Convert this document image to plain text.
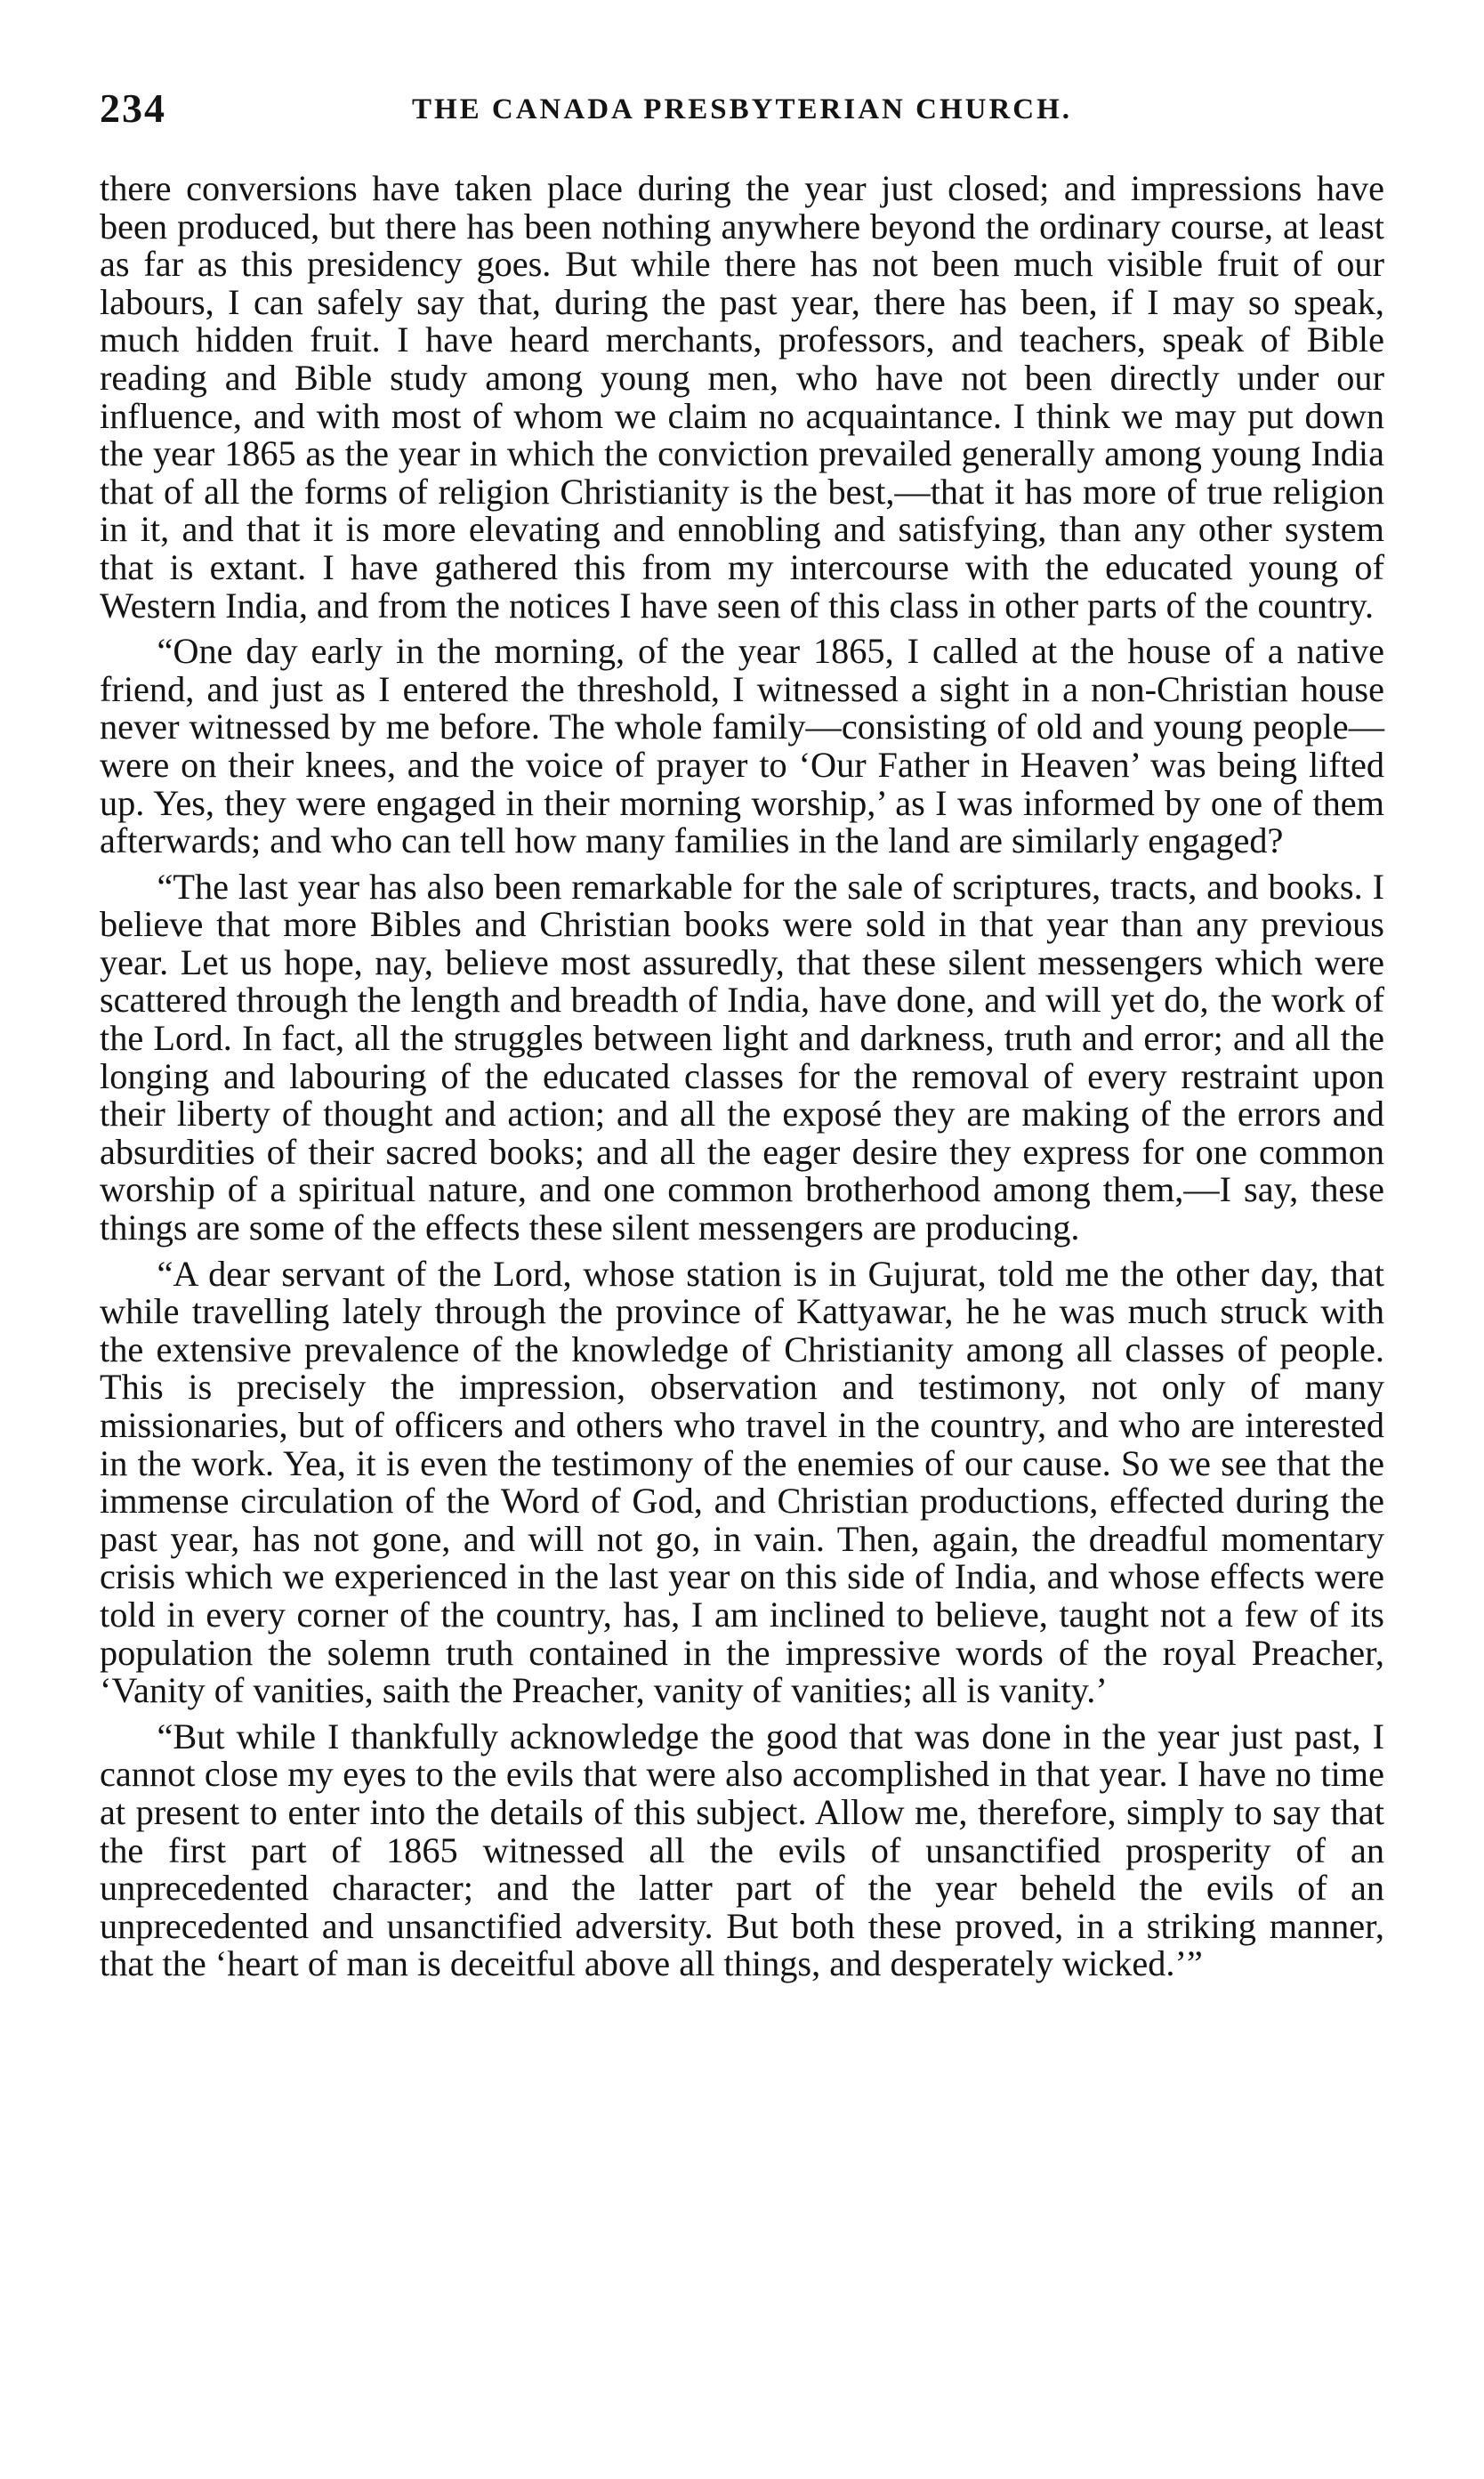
234	THE CANADA PRESBYTERIAN CHURCH.

there conversions have taken place during the year just closed; and impressions have been produced, but there has been nothing anywhere beyond the ordinary course, at least as far as this presidency goes. But while there has not been much visible fruit of our labours, I can safely say that, during the past year, there has been, if I may so speak, much hidden fruit. I have heard merchants, professors, and teachers, speak of Bible reading and Bible study among young men, who have not been directly under our influence, and with most of whom we claim no acquaintance. I think we may put down the year 1865 as the year in which the conviction prevailed generally among young India that of all the forms of religion Christianity is the best,—that it has more of true religion in it, and that it is more elevating and ennobling and satisfying, than any other system that is extant. I have gathered this from my intercourse with the educated young of Western India, and from the notices I have seen of this class in other parts of the country.

“One day early in the morning, of the year 1865, I called at the house of a native friend, and just as I entered the threshold, I witnessed a sight in a non-Christian house never witnessed by me before. The whole family—consisting of old and young people—were on their knees, and the voice of prayer to ‘Our Father in Heaven’ was being lifted up. Yes, they were engaged in their morning worship,’ as I was informed by one of them afterwards; and who can tell how many families in the land are similarly engaged?

“The last year has also been remarkable for the sale of scriptures, tracts, and books. I believe that more Bibles and Christian books were sold in that year than any previous year. Let us hope, nay, believe most assuredly, that these silent messengers which were scattered through the length and breadth of India, have done, and will yet do, the work of the Lord. In fact, all the struggles between light and darkness, truth and error; and all the longing and labouring of the educated classes for the removal of every restraint upon their liberty of thought and action; and all the exposé they are making of the errors and absurdities of their sacred books; and all the eager desire they express for one common worship of a spiritual nature, and one common brotherhood among them,—I say, these things are some of the effects these silent messengers are producing.

“A dear servant of the Lord, whose station is in Gujurat, told me the other day, that while travelling lately through the province of Kattyawar, he he was much struck with the extensive prevalence of the knowledge of Christianity among all classes of people. This is precisely the impression, observation and testimony, not only of many missionaries, but of officers and others who travel in the country, and who are interested in the work. Yea, it is even the testimony of the enemies of our cause. So we see that the immense circulation of the Word of God, and Christian productions, effected during the past year, has not gone, and will not go, in vain. Then, again, the dreadful momentary crisis which we experienced in the last year on this side of India, and whose effects were told in every corner of the country, has, I am inclined to believe, taught not a few of its population the solemn truth contained in the impressive words of the royal Preacher, ‘Vanity of vanities, saith the Preacher, vanity of vanities; all is vanity.’

“But while I thankfully acknowledge the good that was done in the year just past, I cannot close my eyes to the evils that were also accomplished in that year. I have no time at present to enter into the details of this subject. Allow me, therefore, simply to say that the first part of 1865 witnessed all the evils of unsanctified prosperity of an unprecedented character; and the latter part of the year beheld the evils of an unprecedented and unsanctified adversity. But both these proved, in a striking manner, that the ‘heart of man is deceitful above all things, and desperately wicked.’”
